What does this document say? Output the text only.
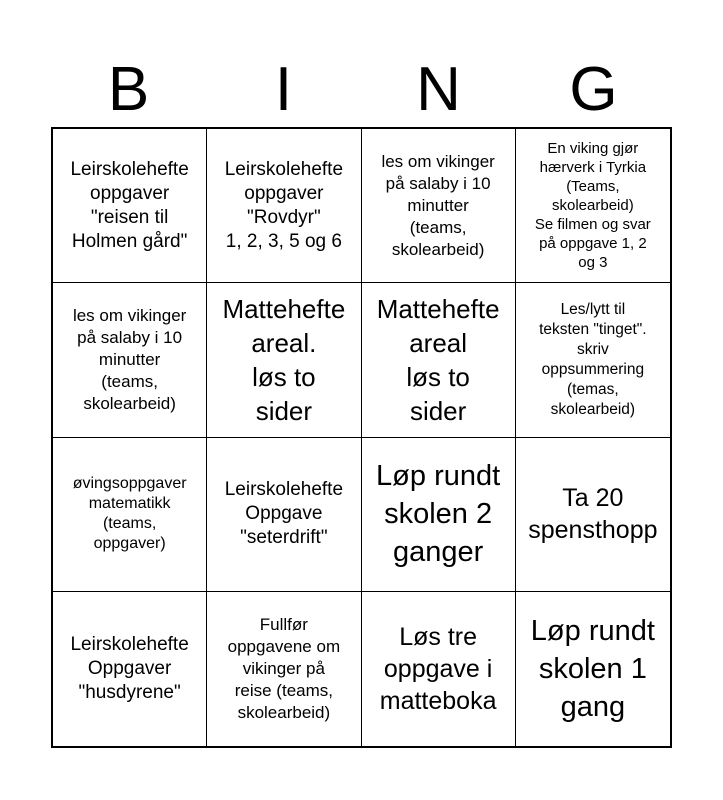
B	I	N	G
Leirskolehefte
oppgaver
"reisen til
Holmen gård"
Leirskolehefte
oppgaver
"Rovdyr"
1, 2, 3, 5 og 6
les om vikinger
på salaby i 10
minutter
(teams,
skolearbeid)
En viking gjør
hærverk i Tyrkia
(Teams,
skolearbeid)
Se filmen og svar
på oppgave 1, 2
og 3
les om vikinger
på salaby i 10
minutter
(teams,
skolearbeid)
Mattehefte
areal.
løs to
sider
Mattehefte
areal
løs to
sider
Les/lytt til
teksten "tinget".
skriv
oppsummering
(temas,
skolearbeid)
øvingsoppgaver
matematikk
(teams,
oppgaver)
Leirskolehefte
Oppgave
"seterdrift"
Løp rundt
skolen 2
ganger
Ta 20
spensthopp
Leirskolehefte
Oppgaver
"husdyrene"
Fullfør
oppgavene om
vikinger på
reise (teams,
skolearbeid)
Løs tre
oppgave i
matteboka
Løp rundt
skolen 1
gang
